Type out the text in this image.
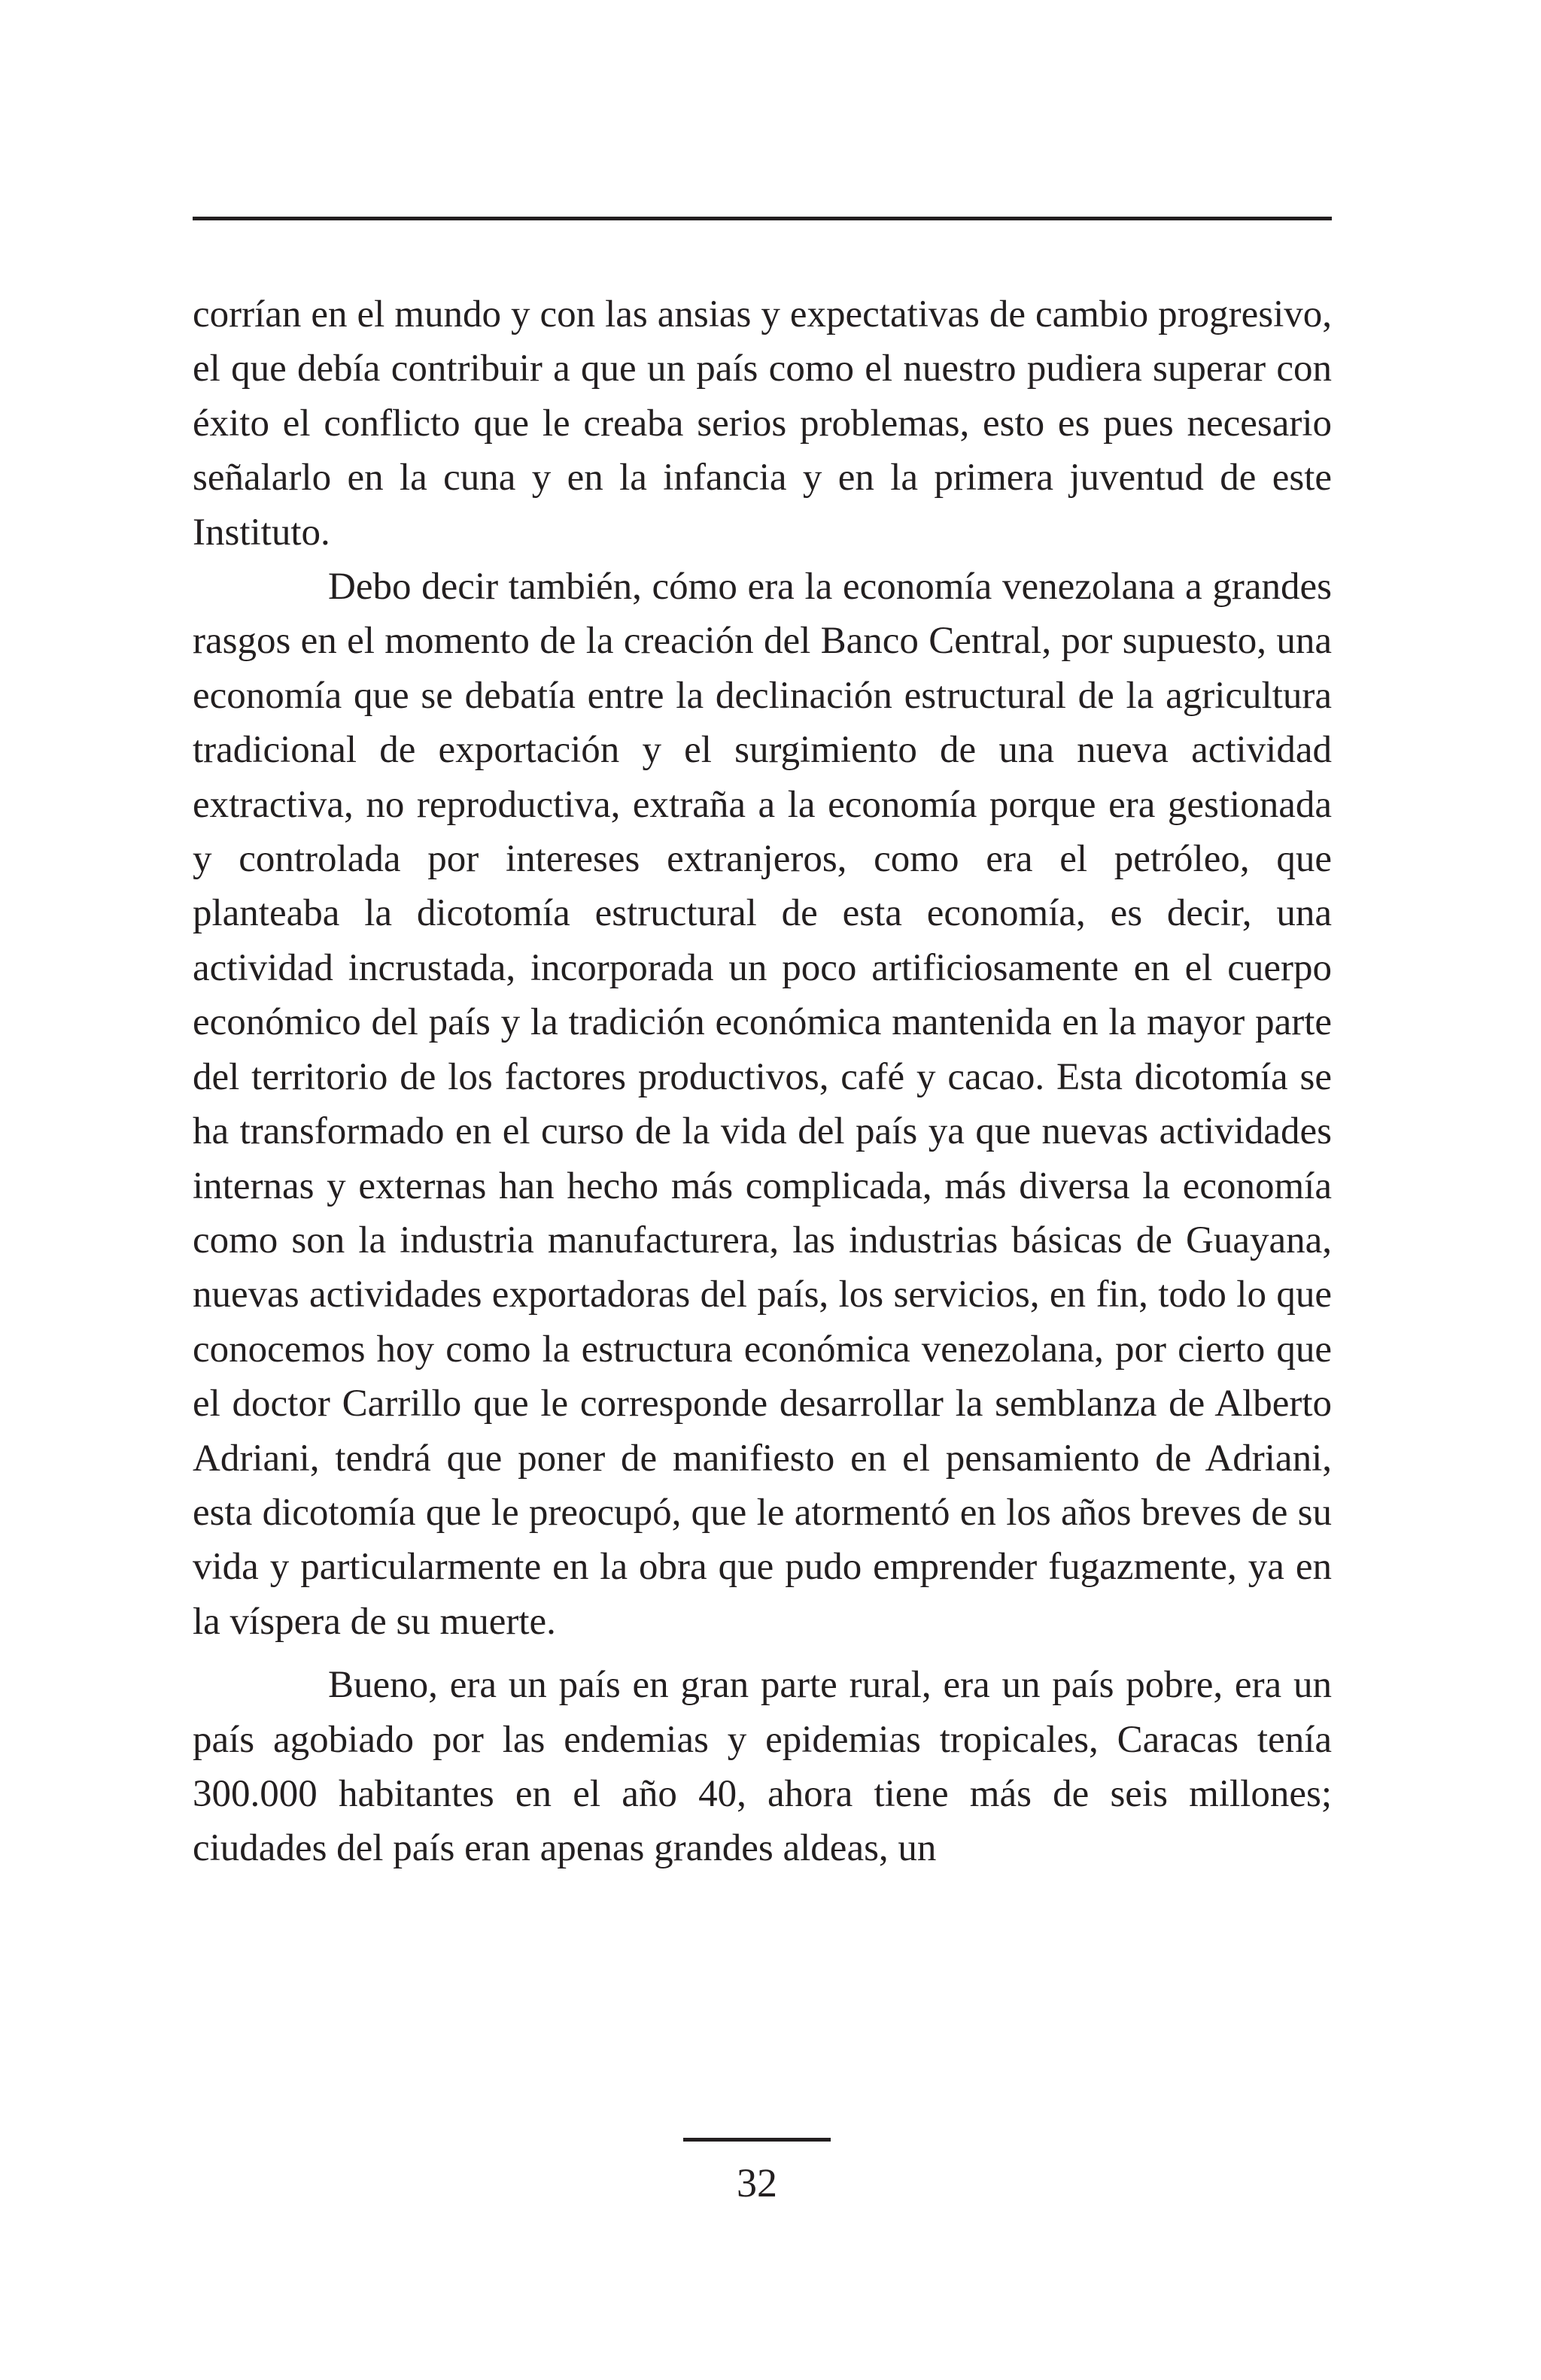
corrían en el mundo y con las ansias y expectativas de cambio progresivo, el que debía contribuir a que un país como el nuestro pudiera superar con éxito el conflicto que le creaba serios problemas, esto es pues necesario señalarlo en la cuna y en la infancia y en la primera juventud de este Instituto.

Debo decir también, cómo era la economía venezolana a grandes rasgos en el momento de la creación del Banco Central, por supuesto, una economía que se debatía entre la declinación estructural de la agricultura tradicional de exportación y el surgimiento de una nueva actividad extractiva, no reproductiva, extraña a la economía porque era gestionada y controlada por intereses extranjeros, como era el petróleo, que planteaba la dicotomía estructural de esta economía, es decir, una actividad incrustada, incorporada un poco artificiosamente en el cuerpo económico del país y la tradición económica mantenida en la mayor parte del territorio de los factores productivos, café y cacao. Esta dicotomía se ha transformado en el curso de la vida del país ya que nuevas actividades internas y externas han hecho más complicada, más diversa la economía como son la industria manufacturera, las industrias básicas de Guayana, nuevas actividades exportadoras del país, los servicios, en fin, todo lo que conocemos hoy como la estructura económica venezolana, por cierto que el doctor Carrillo que le corresponde desarrollar la semblanza de Alberto Adriani, tendrá que poner de manifiesto en el pensamiento de Adriani, esta dicotomía que le preocupó, que le atormentó en los años breves de su vida y particularmente en la obra que pudo emprender fugazmente, ya en la víspera de su muerte.

Bueno, era un país en gran parte rural, era un país pobre, era un país agobiado por las endemias y epidemias tropicales, Caracas tenía 300.000 habitantes en el año 40, ahora tiene más de seis millones; ciudades del país eran apenas grandes aldeas, un

32
